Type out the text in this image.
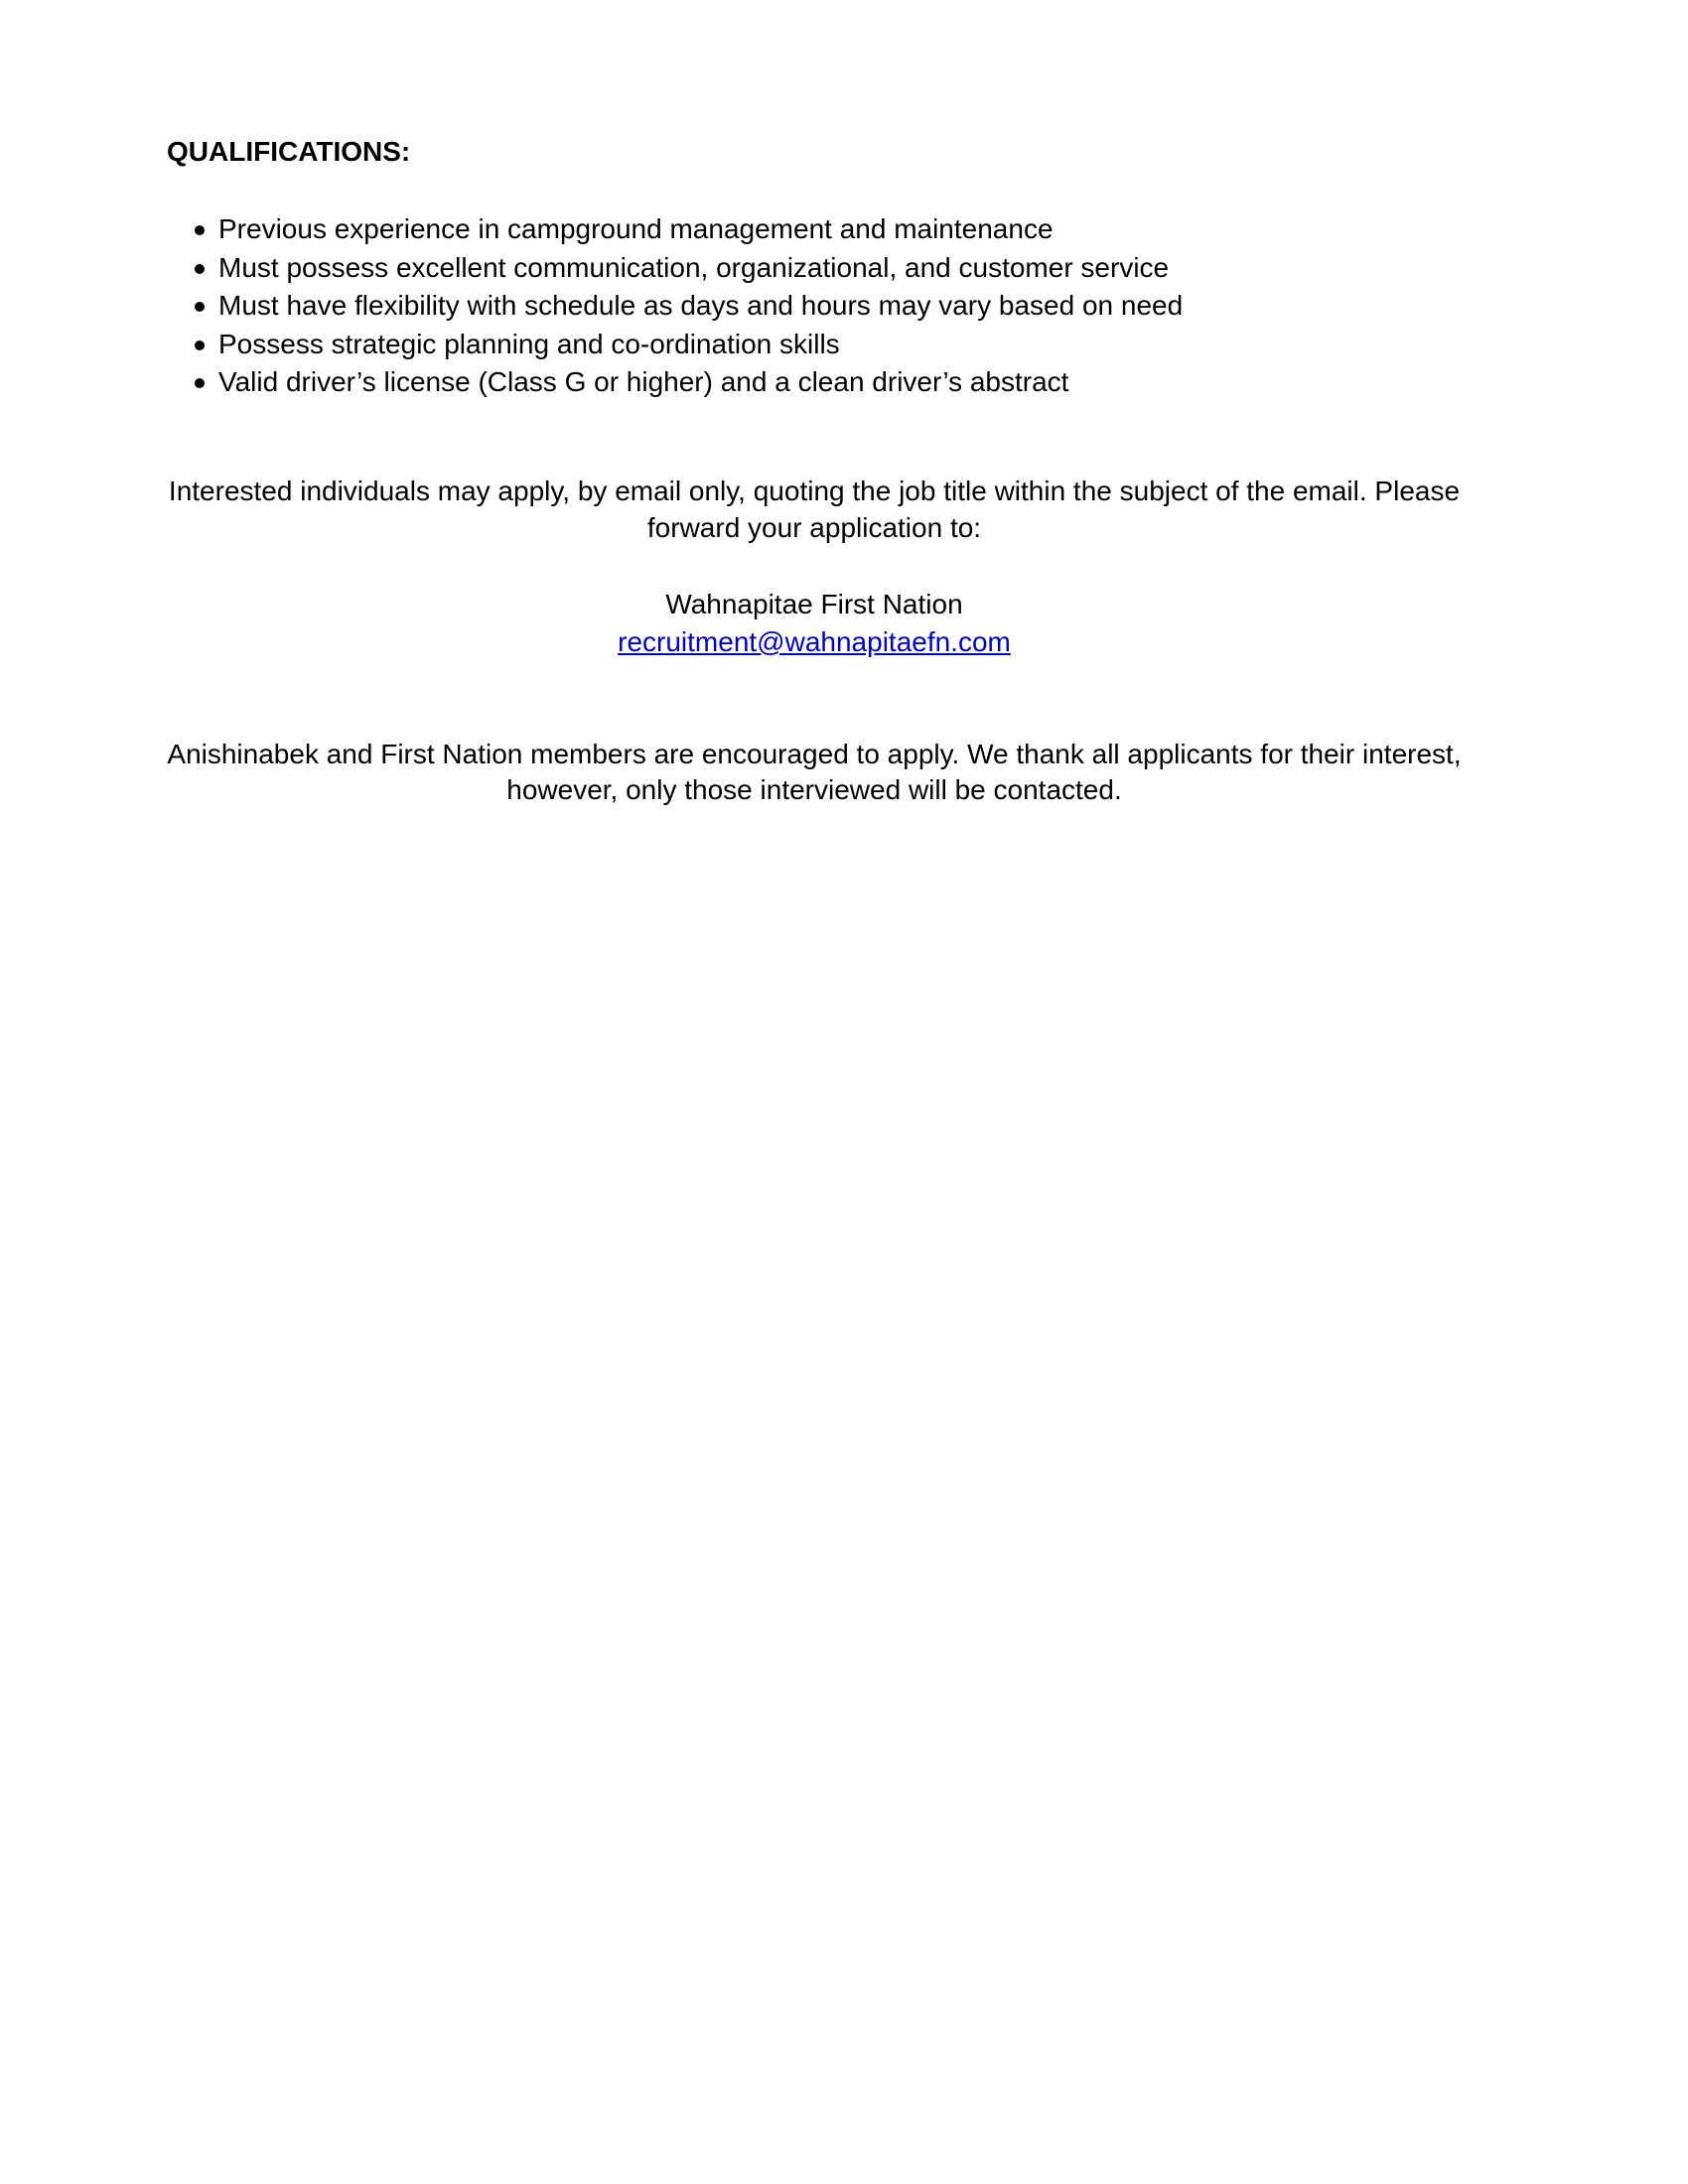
QUALIFICATIONS:
Previous experience in campground management and maintenance
Must possess excellent communication, organizational, and customer service
Must have flexibility with schedule as days and hours may vary based on need
Possess strategic planning and co-ordination skills
Valid driver’s license (Class G or higher) and a clean driver’s abstract

Interested individuals may apply, by email only, quoting the job title within the subject of the email. Please
forward your application to:

Wahnapitae First Nation

recruitment@wahnapitaefn.com

Anishinabek and First Nation members are encouraged to apply. We thank all applicants for their interest,
however, only those interviewed will be contacted.
